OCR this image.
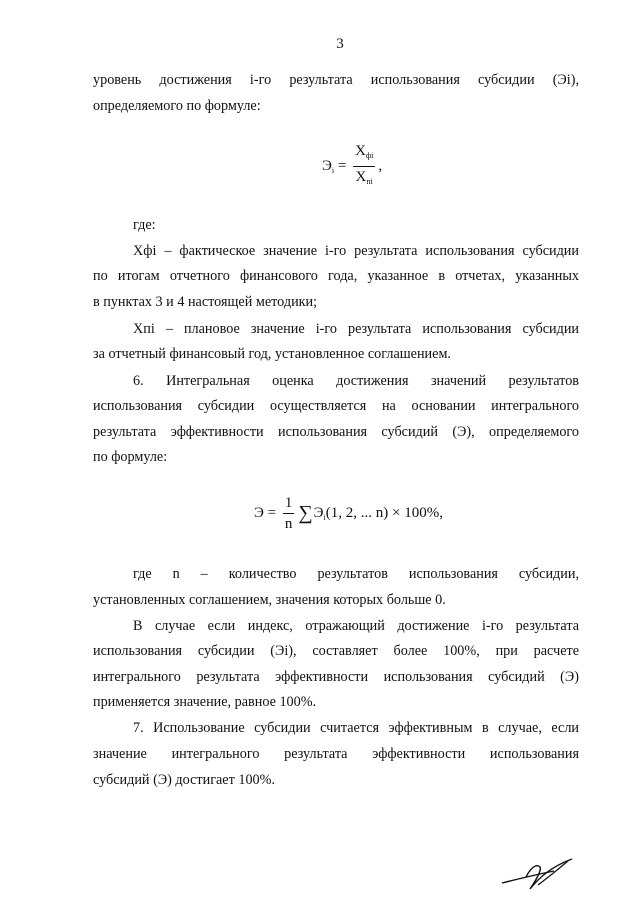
3
уровень достижения i-го результата использования субсидии (Эi),
определяемого по формуле:
$Э_i = \frac{X_{фi}}{X_{пi}}$ ,
где:
Xфi – фактическое значение i-го результата использования субсидии
по итогам отчетного финансового года, указанное в отчетах, указанных
в пунктах 3 и 4 настоящей методики;
Xпi – плановое значение i-го результата использования субсидии
за отчетный финансовый год, установленное соглашением.
6. Интегральная оценка достижения значений результатов
использования субсидии осуществляется на основании интегрального
результата эффективности использования субсидий (Э), определяемого
по формуле:
$Э = \frac{1}{n} \sum Э_i(1$, 2, ... n) × 100%,
где n – количество результатов использования субсидии,
установленных соглашением, значения которых больше 0.
В случае если индекс, отражающий достижение i-го результата
использования субсидии (Эi), составляет более 100%, при расчете
интегрального результата эффективности использования субсидий (Э)
применяется значение, равное 100%.
7. Использование субсидии считается эффективным в случае, если
значение интегрального результата эффективности использования
субсидий (Э) достигает 100%.
